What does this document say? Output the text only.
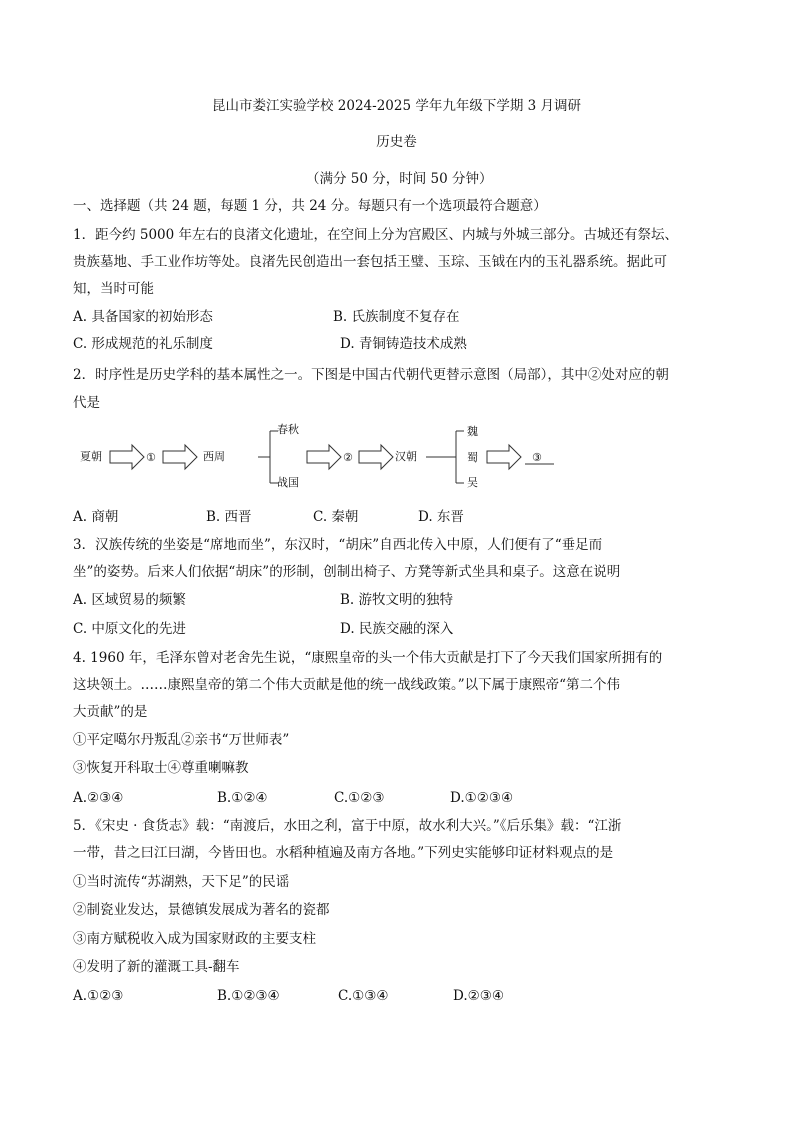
昆山市娄江实验学校 2024-2025 学年九年级下学期 3 月调研
历史卷
（满分 50 分，时间 50 分钟）
一、选择题（共 24 题，每题 1 分，共 24 分。每题只有一个选项最符合题意）
1．距今约 5000 年左右的良渚文化遗址，在空间上分为宫殿区、内城与外城三部分。古城还有祭坛、
贵族墓地、手工业作坊等处。良渚先民创造出一套包括王璧、玉琮、玉钺在内的玉礼器系统。据此可
知，当时可能
A. 具备国家的初始形态	B. 氏族制度不复存在
C. 形成规范的礼乐制度	D. 青铜铸造技术成熟
2．时序性是历史学科的基本属性之一。下图是中国古代朝代更替示意图（局部），其中②处对应的朝
代是
夏朝	①	西周
春秋
战国
②	汉朝
魏
蜀
吴
③
A. 商朝	B. 西晋	C. 秦朝	D. 东晋
3．汉族传统的坐姿是“席地而坐”，东汉时，“胡床”自西北传入中原，人们便有了“垂足而
坐”的姿势。后来人们依据“胡床”的形制，创制出椅子、方凳等新式坐具和桌子。这意在说明
A. 区域贸易的频繁	B. 游牧文明的独特
C. 中原文化的先进	D. 民族交融的深入
4. 1960 年，毛泽东曾对老舍先生说，“康熙皇帝的头一个伟大贡献是打下了今天我们国家所拥有的
这块领土。……康熙皇帝的第二个伟大贡献是他的统一战线政策。”以下属于康熙帝“第二个伟
大贡献”的是
①平定噶尔丹叛乱②亲书“万世师表”
③恢复开科取士④尊重喇嘛教
A.②③④	B.①②④	C.①②③	D.①②③④
5．《宋史 · 食货志》载：“南渡后，水田之利，富于中原，故水利大兴。”《后乐集》载：“江浙
一带，昔之曰江曰湖，今皆田也。水稻种植遍及南方各地。”下列史实能够印证材料观点的是
①当时流传“苏湖熟，天下足”的民谣
②制瓷业发达，景德镇发展成为著名的瓷都
③南方赋税收入成为国家财政的主要支柱
④发明了新的灌溉工具-翻车
A.①②③	B.①②③④	C.①③④	D.②③④
